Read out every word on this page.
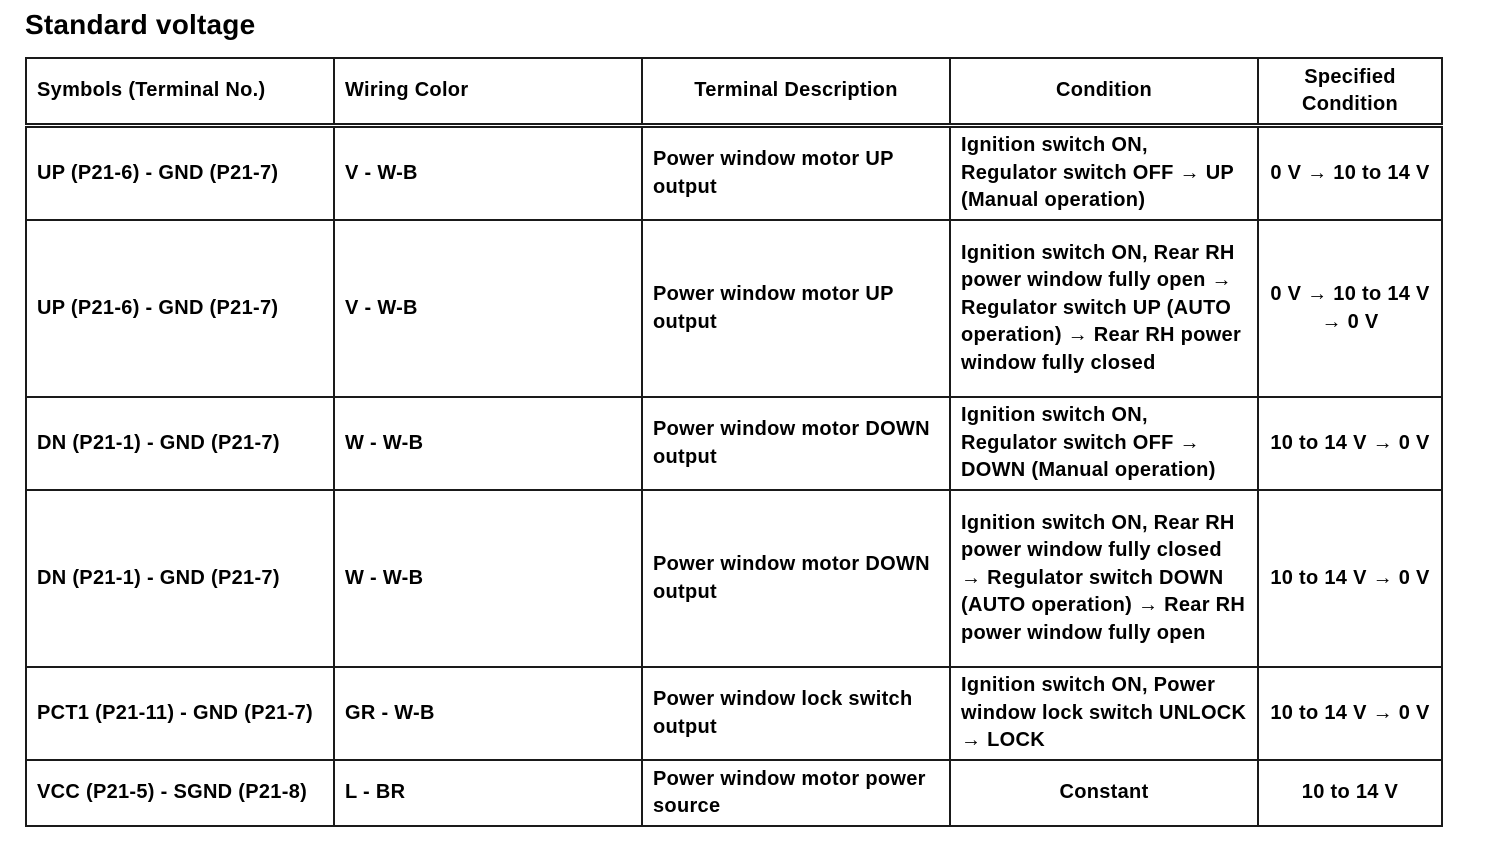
Standard voltage
Symbols (Terminal No.)	Wiring Color	Terminal Description	Condition	Specified Condition
UP (P21-6) - GND (P21-7)	V - W-B	Power window motor UP output	Ignition switch ON, Regulator switch OFF → UP (Manual operation)	0 V → 10 to 14 V
UP (P21-6) - GND (P21-7)	V - W-B	Power window motor UP output	Ignition switch ON, Rear RH power window fully open → Regulator switch UP (AUTO operation) → Rear RH power window fully closed	0 V → 10 to 14 V → 0 V
DN (P21-1) - GND (P21-7)	W - W-B	Power window motor DOWN output	Ignition switch ON, Regulator switch OFF → DOWN (Manual operation)	10 to 14 V → 0 V
DN (P21-1) - GND (P21-7)	W - W-B	Power window motor DOWN output	Ignition switch ON, Rear RH power window fully closed → Regulator switch DOWN (AUTO operation) → Rear RH power window fully open	10 to 14 V → 0 V
PCT1 (P21-11) - GND (P21-7)	GR - W-B	Power window lock switch output	Ignition switch ON, Power window lock switch UNLOCK → LOCK	10 to 14 V → 0 V
VCC (P21-5) - SGND (P21-8)	L - BR	Power window motor power source	Constant	10 to 14 V
